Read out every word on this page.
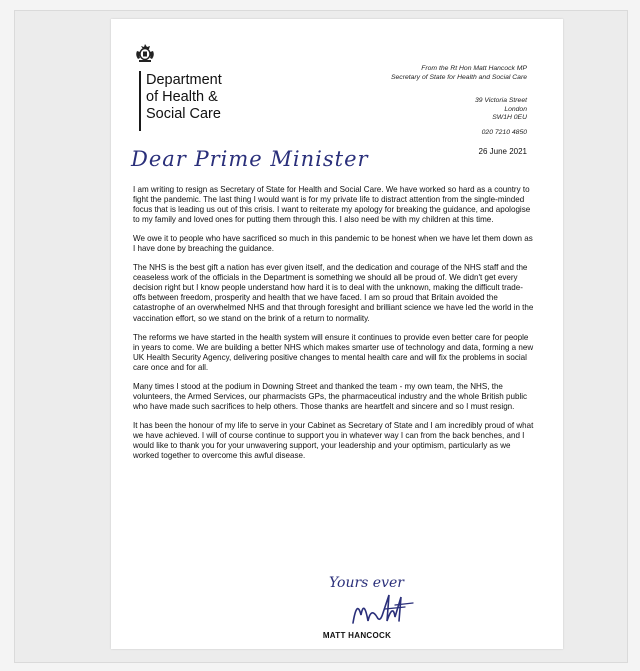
Department
of Health &
Social Care
From the Rt Hon Matt Hancock MP
Secretary of State for Health and Social Care
39 Victoria Street
London
SW1H 0EU
020 7210 4850
26 June 2021
Dear Prime Minister

I am writing to resign as Secretary of State for Health and Social Care. We have worked so hard as a country to fight the pandemic. The last thing I would want is for my private life to distract attention from the single-minded focus that is leading us out of this crisis. I want to reiterate my apology for breaking the guidance, and apologise to my family and loved ones for putting them through this. I also need be with my children at this time.

We owe it to people who have sacrificed so much in this pandemic to be honest when we have let them down as I have done by breaching the guidance.

The NHS is the best gift a nation has ever given itself, and the dedication and courage of the NHS staff and the ceaseless work of the officials in the Department is something we should all be proud of. We didn't get every decision right but I know people understand how hard it is to deal with the unknown, making the difficult trade-offs between freedom, prosperity and health that we have faced. I am so proud that Britain avoided the catastrophe of an overwhelmed NHS and that through foresight and brilliant science we have led the world in the vaccination effort, so we stand on the brink of a return to normality.

The reforms we have started in the health system will ensure it continues to provide even better care for people in years to come. We are building a better NHS which makes smarter use of technology and data, forming a new UK Health Security Agency, delivering positive changes to mental health care and will fix the problems in social care once and for all.

Many times I stood at the podium in Downing Street and thanked the team - my own team, the NHS, the volunteers, the Armed Services, our pharmacists GPs, the pharmaceutical industry and the whole British public who have made such sacrifices to help others. Those thanks are heartfelt and sincere and so I must resign.

It has been the honour of my life to serve in your Cabinet as Secretary of State and I am incredibly proud of what we have achieved. I will of course continue to support you in whatever way I can from the back benches, and I would like to thank you for your unwavering support, your leadership and your optimism, particularly as we worked together to overcome this awful disease.

Yours ever
MATT HANCOCK
